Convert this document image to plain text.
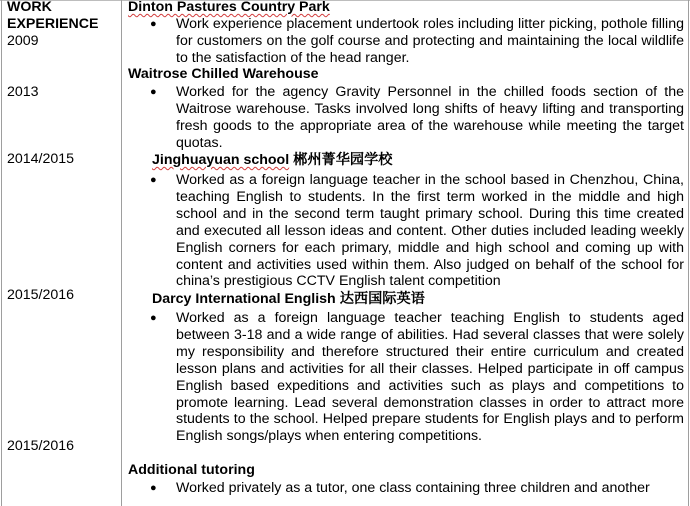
WORK
EXPERIENCE
2009
2013
2014/2015
2015/2016
2015/2016
Dinton Pastures Country Park
● Work experience placement undertook roles including litter picking, pothole filling for customers on the golf course and protecting and maintaining the local wildlife to the satisfaction of the head ranger.
Waitrose Chilled Warehouse
● Worked for the agency Gravity Personnel in the chilled foods section of the Waitrose warehouse. Tasks involved long shifts of heavy lifting and transporting fresh goods to the appropriate area of the warehouse while meeting the target quotas.
Jinghuayuan school 郴州菁华园学校
● Worked as a foreign language teacher in the school based in Chenzhou, China, teaching English to students. In the first term worked in the middle and high school and in the second term taught primary school. During this time created and executed all lesson ideas and content. Other duties included leading weekly English corners for each primary, middle and high school and coming up with content and activities used within them. Also judged on behalf of the school for china’s prestigious CCTV English talent competition
Darcy International English 达西国际英语
● Worked as a foreign language teacher teaching English to students aged between 3-18 and a wide range of abilities. Had several classes that were solely my responsibility and therefore structured their entire curriculum and created lesson plans and activities for all their classes. Helped participate in off campus English based expeditions and activities such as plays and competitions to promote learning. Lead several demonstration classes in order to attract more students to the school. Helped prepare students for English plays and to perform English songs/plays when entering competitions.
Additional tutoring
● Worked privately as a tutor, one class containing three children and another
